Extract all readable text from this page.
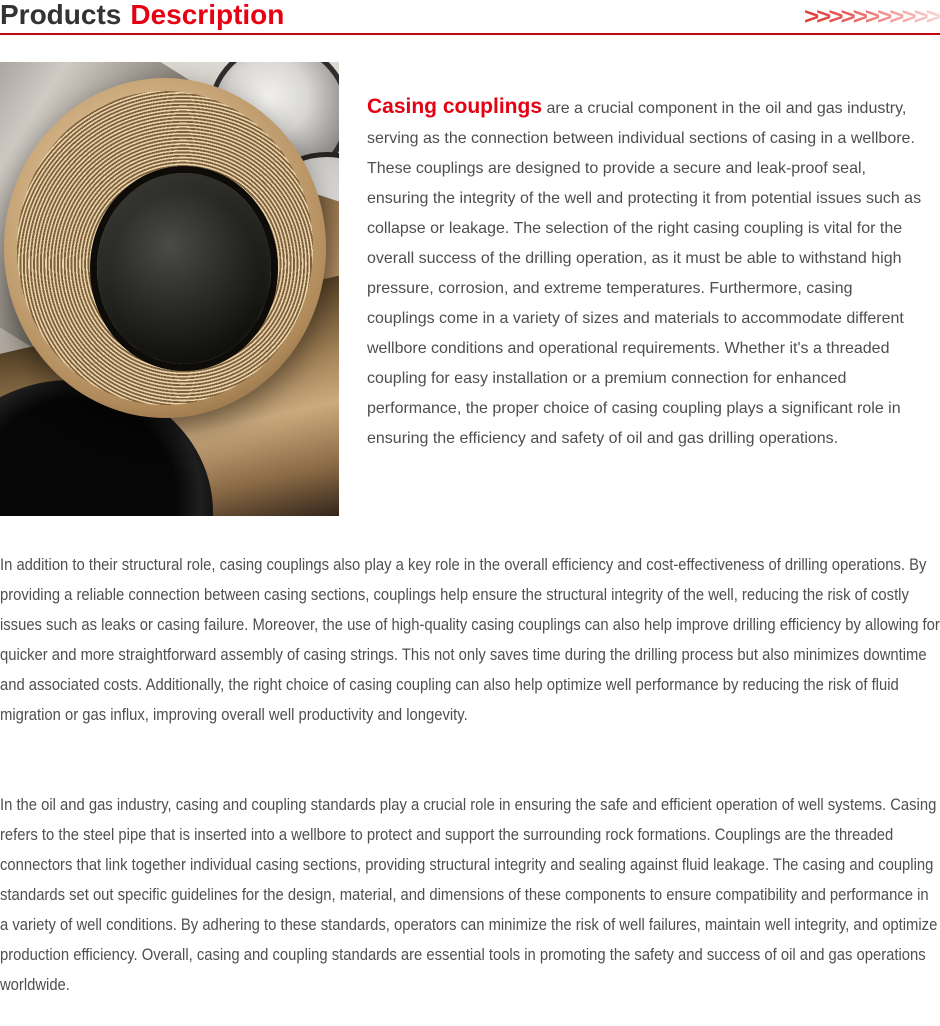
Products Description	>>>>>>>>>>>

Casing couplings are a crucial component in the oil and gas industry, serving as the connection between individual sections of casing in a wellbore. These couplings are designed to provide a secure and leak-proof seal, ensuring the integrity of the well and protecting it from potential issues such as collapse or leakage. The selection of the right casing coupling is vital for the overall success of the drilling operation, as it must be able to withstand high pressure, corrosion, and extreme temperatures. Furthermore, casing couplings come in a variety of sizes and materials to accommodate different wellbore conditions and operational requirements. Whether it's a threaded coupling for easy installation or a premium connection for enhanced performance, the proper choice of casing coupling plays a significant role in ensuring the efficiency and safety of oil and gas drilling operations.

In addition to their structural role, casing couplings also play a key role in the overall efficiency and cost-effectiveness of drilling operations. By providing a reliable connection between casing sections, couplings help ensure the structural integrity of the well, reducing the risk of costly issues such as leaks or casing failure. Moreover, the use of high-quality casing couplings can also help improve drilling efficiency by allowing for quicker and more straightforward assembly of casing strings. This not only saves time during the drilling process but also minimizes downtime and associated costs. Additionally, the right choice of casing coupling can also help optimize well performance by reducing the risk of fluid migration or gas influx, improving overall well productivity and longevity.

In the oil and gas industry, casing and coupling standards play a crucial role in ensuring the safe and efficient operation of well systems. Casing refers to the steel pipe that is inserted into a wellbore to protect and support the surrounding rock formations. Couplings are the threaded connectors that link together individual casing sections, providing structural integrity and sealing against fluid leakage. The casing and coupling standards set out specific guidelines for the design, material, and dimensions of these components to ensure compatibility and performance in a variety of well conditions. By adhering to these standards, operators can minimize the risk of well failures, maintain well integrity, and optimize production efficiency. Overall, casing and coupling standards are essential tools in promoting the safety and success of oil and gas operations worldwide.
